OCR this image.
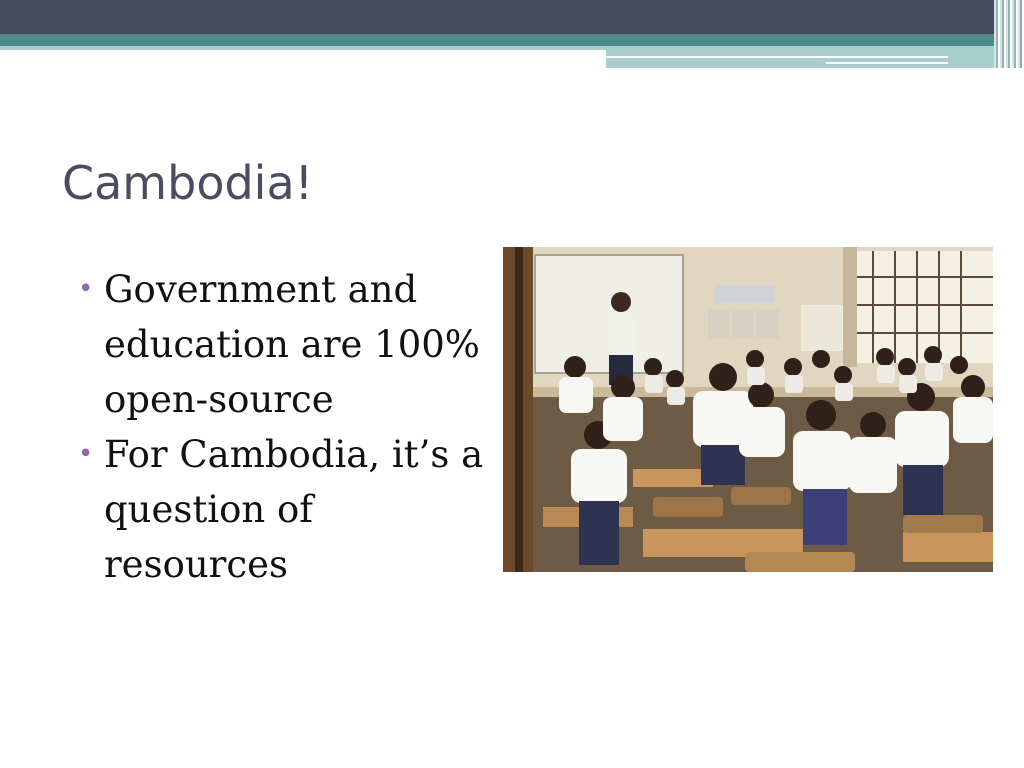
Cambodia!
• Government and education are 100% open-source
• For Cambodia, it’s a question of resources
